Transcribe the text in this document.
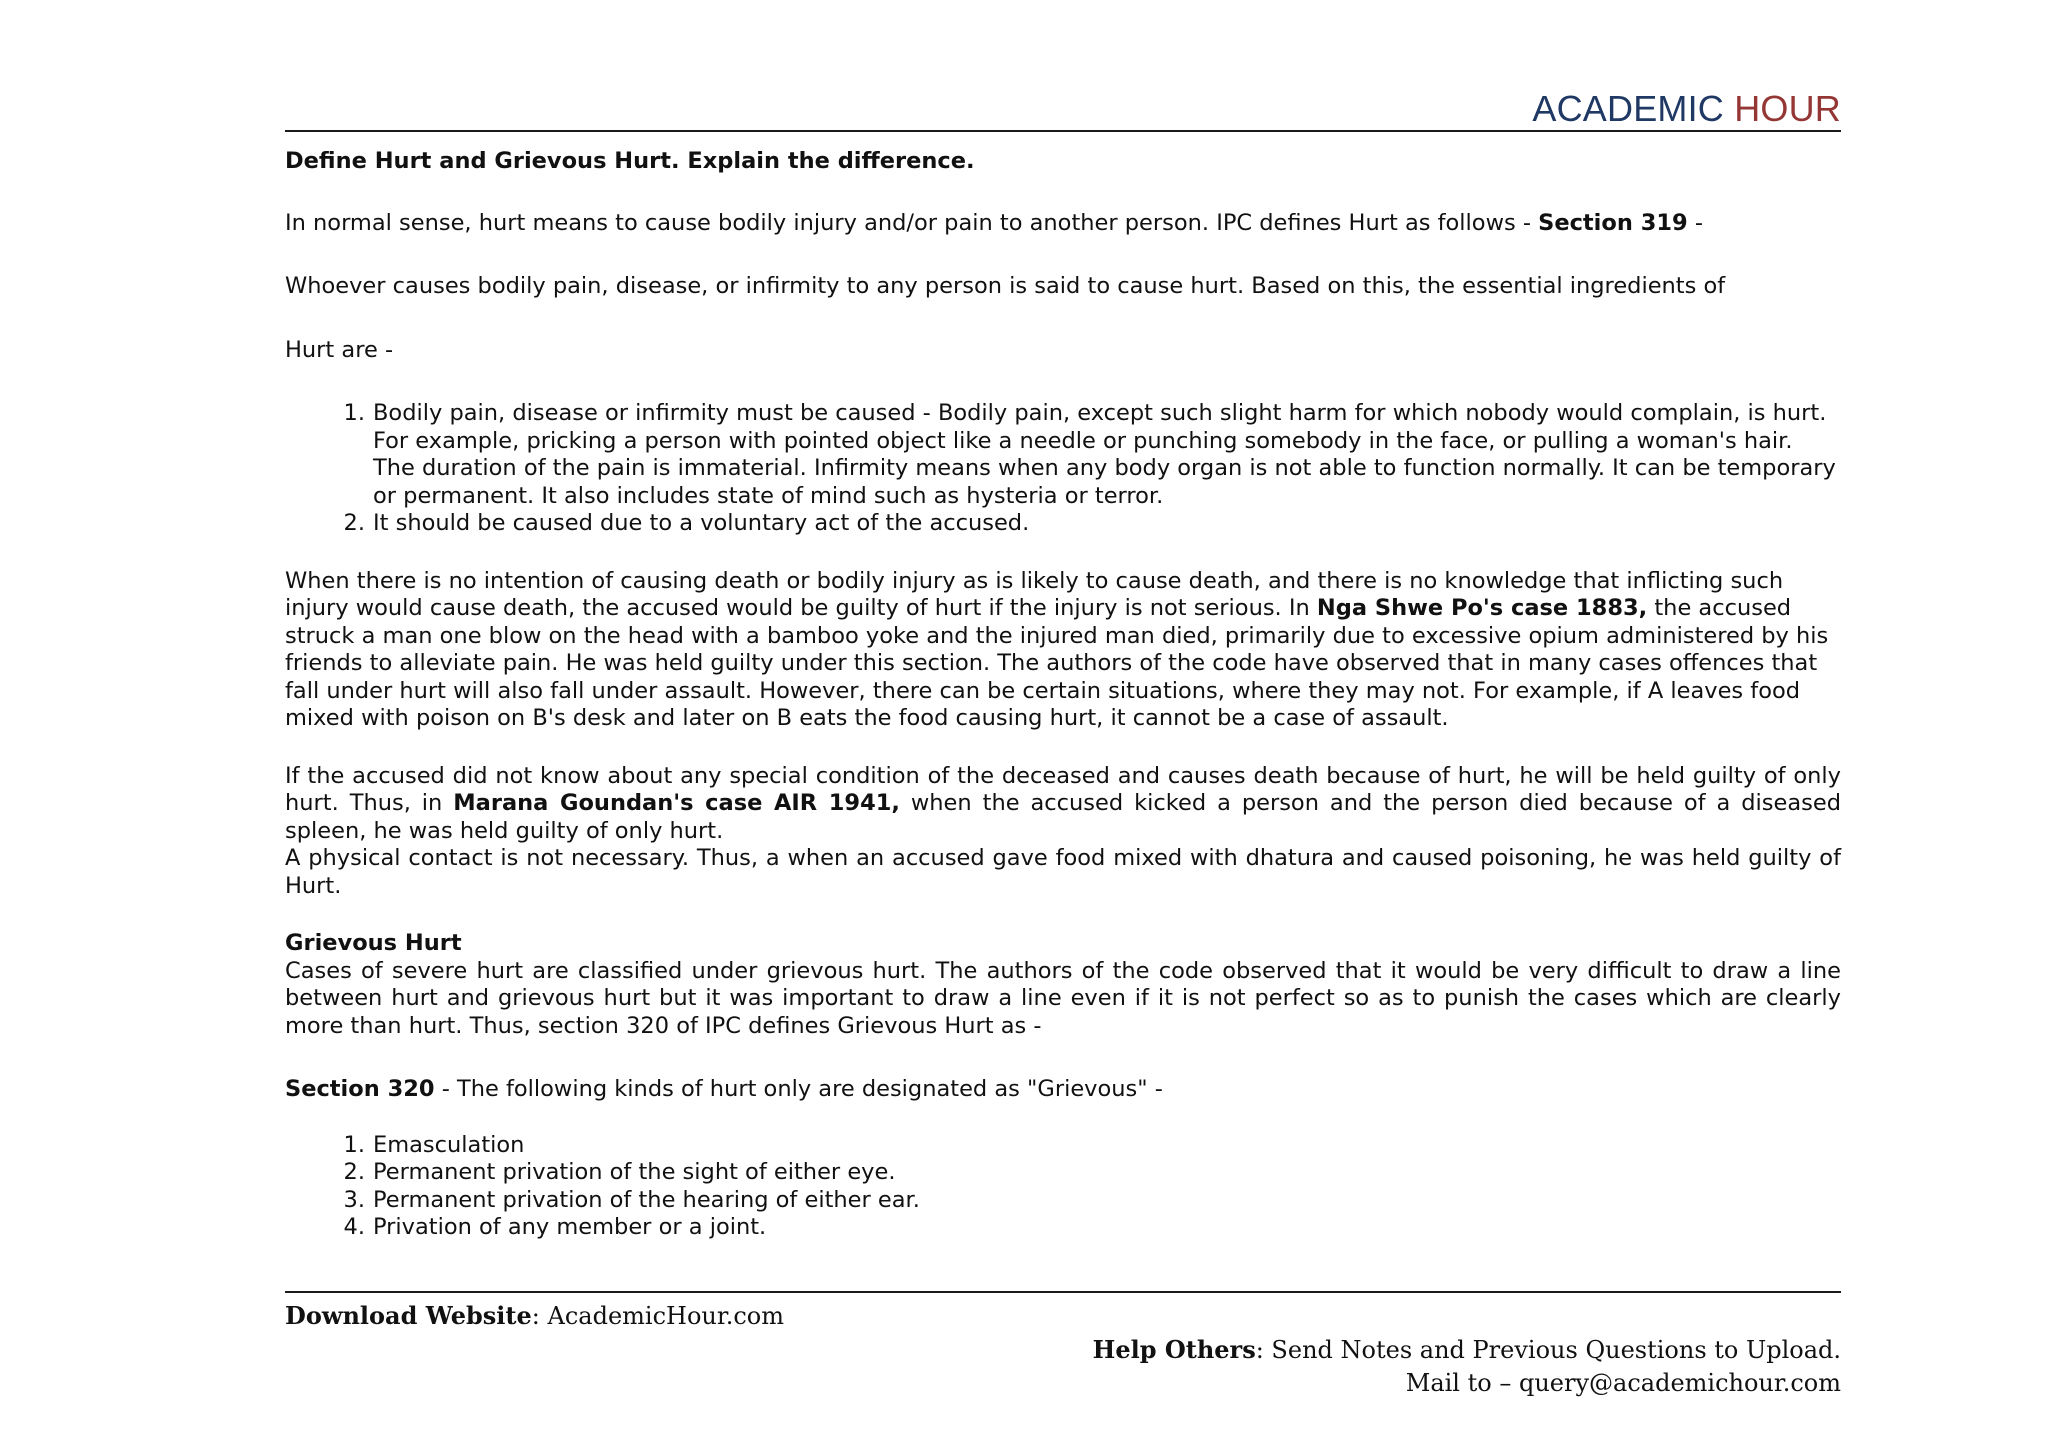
ACADEMIC HOUR

Define Hurt and Grievous Hurt. Explain the difference.

In normal sense, hurt means to cause bodily injury and/or pain to another person. IPC defines Hurt as follows - Section 319 -

Whoever causes bodily pain, disease, or infirmity to any person is said to cause hurt. Based on this, the essential ingredients of

Hurt are -

1. Bodily pain, disease or infirmity must be caused - Bodily pain, except such slight harm for which nobody would complain, is hurt. For example, pricking a person with pointed object like a needle or punching somebody in the face, or pulling a woman's hair. The duration of the pain is immaterial. Infirmity means when any body organ is not able to function normally. It can be temporary or permanent. It also includes state of mind such as hysteria or terror.
2. It should be caused due to a voluntary act of the accused.

When there is no intention of causing death or bodily injury as is likely to cause death, and there is no knowledge that inflicting such injury would cause death, the accused would be guilty of hurt if the injury is not serious. In Nga Shwe Po's case 1883, the accused struck a man one blow on the head with a bamboo yoke and the injured man died, primarily due to excessive opium administered by his friends to alleviate pain. He was held guilty under this section. The authors of the code have observed that in many cases offences that fall under hurt will also fall under assault. However, there can be certain situations, where they may not. For example, if A leaves food mixed with poison on B's desk and later on B eats the food causing hurt, it cannot be a case of assault.

If the accused did not know about any special condition of the deceased and causes death because of hurt, he will be held guilty of only hurt. Thus, in Marana Goundan's case AIR 1941, when the accused kicked a person and the person died because of a diseased spleen, he was held guilty of only hurt.

A physical contact is not necessary. Thus, a when an accused gave food mixed with dhatura and caused poisoning, he was held guilty of Hurt.

Grievous Hurt

Cases of severe hurt are classified under grievous hurt. The authors of the code observed that it would be very difficult to draw a line between hurt and grievous hurt but it was important to draw a line even if it is not perfect so as to punish the cases which are clearly more than hurt. Thus, section 320 of IPC defines Grievous Hurt as -

Section 320 - The following kinds of hurt only are designated as "Grievous" -

1. Emasculation
2. Permanent privation of the sight of either eye.
3. Permanent privation of the hearing of either ear.
4. Privation of any member or a joint.
Download Website: AcademicHour.com
Help Others: Send Notes and Previous Questions to Upload.
Mail to – query@academichour.com
